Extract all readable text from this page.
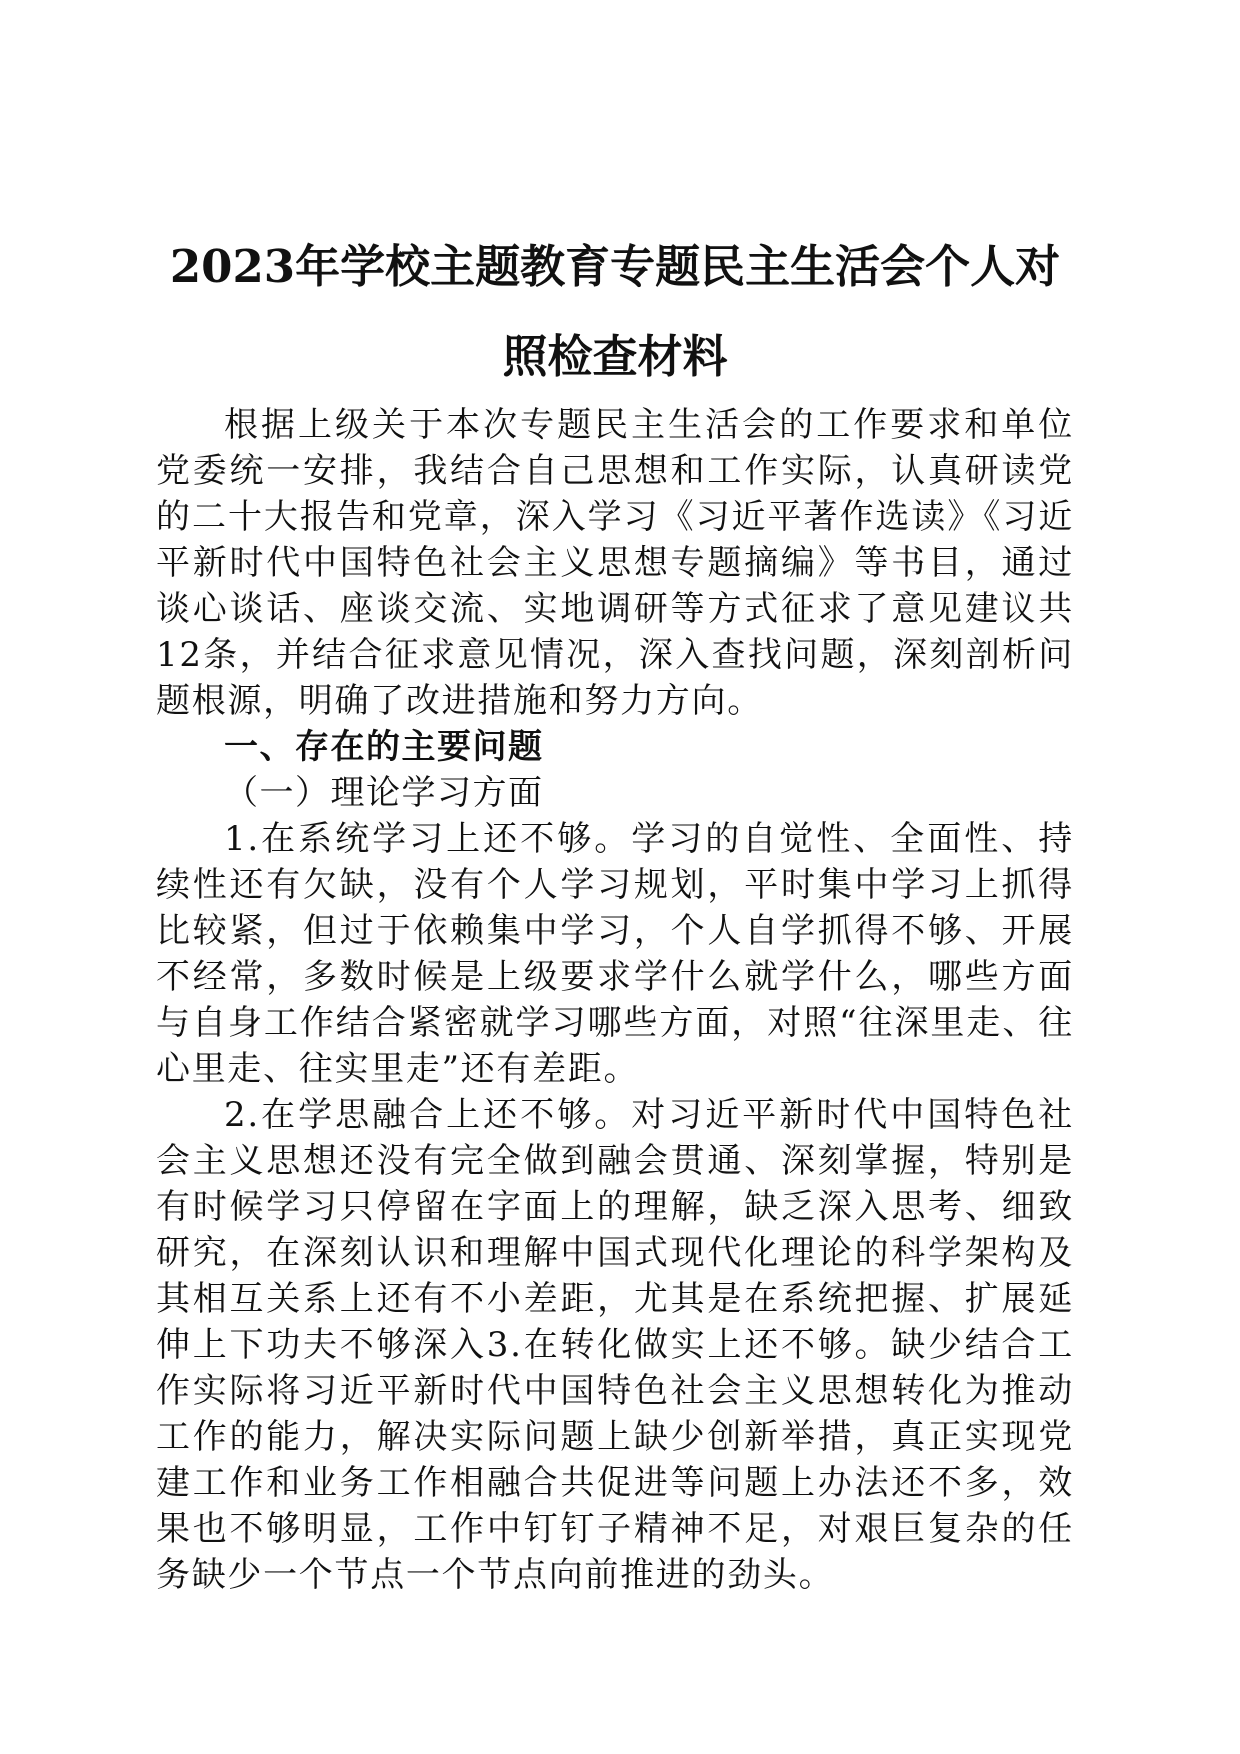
2023年学校主题教育专题民主生活会个人对照检查材料

根据上级关于本次专题民主生活会的工作要求和单位党委统一安排，我结合自己思想和工作实际，认真研读党的二十大报告和党章，深入学习《习近平著作选读》《习近平新时代中国特色社会主义思想专题摘编》等书目，通过谈心谈话、座谈交流、实地调研等方式征求了意见建议共12条，并结合征求意见情况，深入查找问题，深刻剖析问题根源，明确了改进措施和努力方向。

一、存在的主要问题

（一）理论学习方面

1.在系统学习上还不够。学习的自觉性、全面性、持续性还有欠缺，没有个人学习规划，平时集中学习上抓得比较紧，但过于依赖集中学习，个人自学抓得不够、开展不经常，多数时候是上级要求学什么就学什么，哪些方面与自身工作结合紧密就学习哪些方面，对照“往深里走、往心里走、往实里走”还有差距。

2.在学思融合上还不够。对习近平新时代中国特色社会主义思想还没有完全做到融会贯通、深刻掌握，特别是有时候学习只停留在字面上的理解，缺乏深入思考、细致研究，在深刻认识和理解中国式现代化理论的科学架构及其相互关系上还有不小差距，尤其是在系统把握、扩展延伸上下功夫不够深入3.在转化做实上还不够。缺少结合工作实际将习近平新时代中国特色社会主义思想转化为推动工作的能力，解决实际问题上缺少创新举措，真正实现党建工作和业务工作相融合共促进等问题上办法还不多，效果也不够明显，工作中钉钉子精神不足，对艰巨复杂的任务缺少一个节点一个节点向前推进的劲头。
